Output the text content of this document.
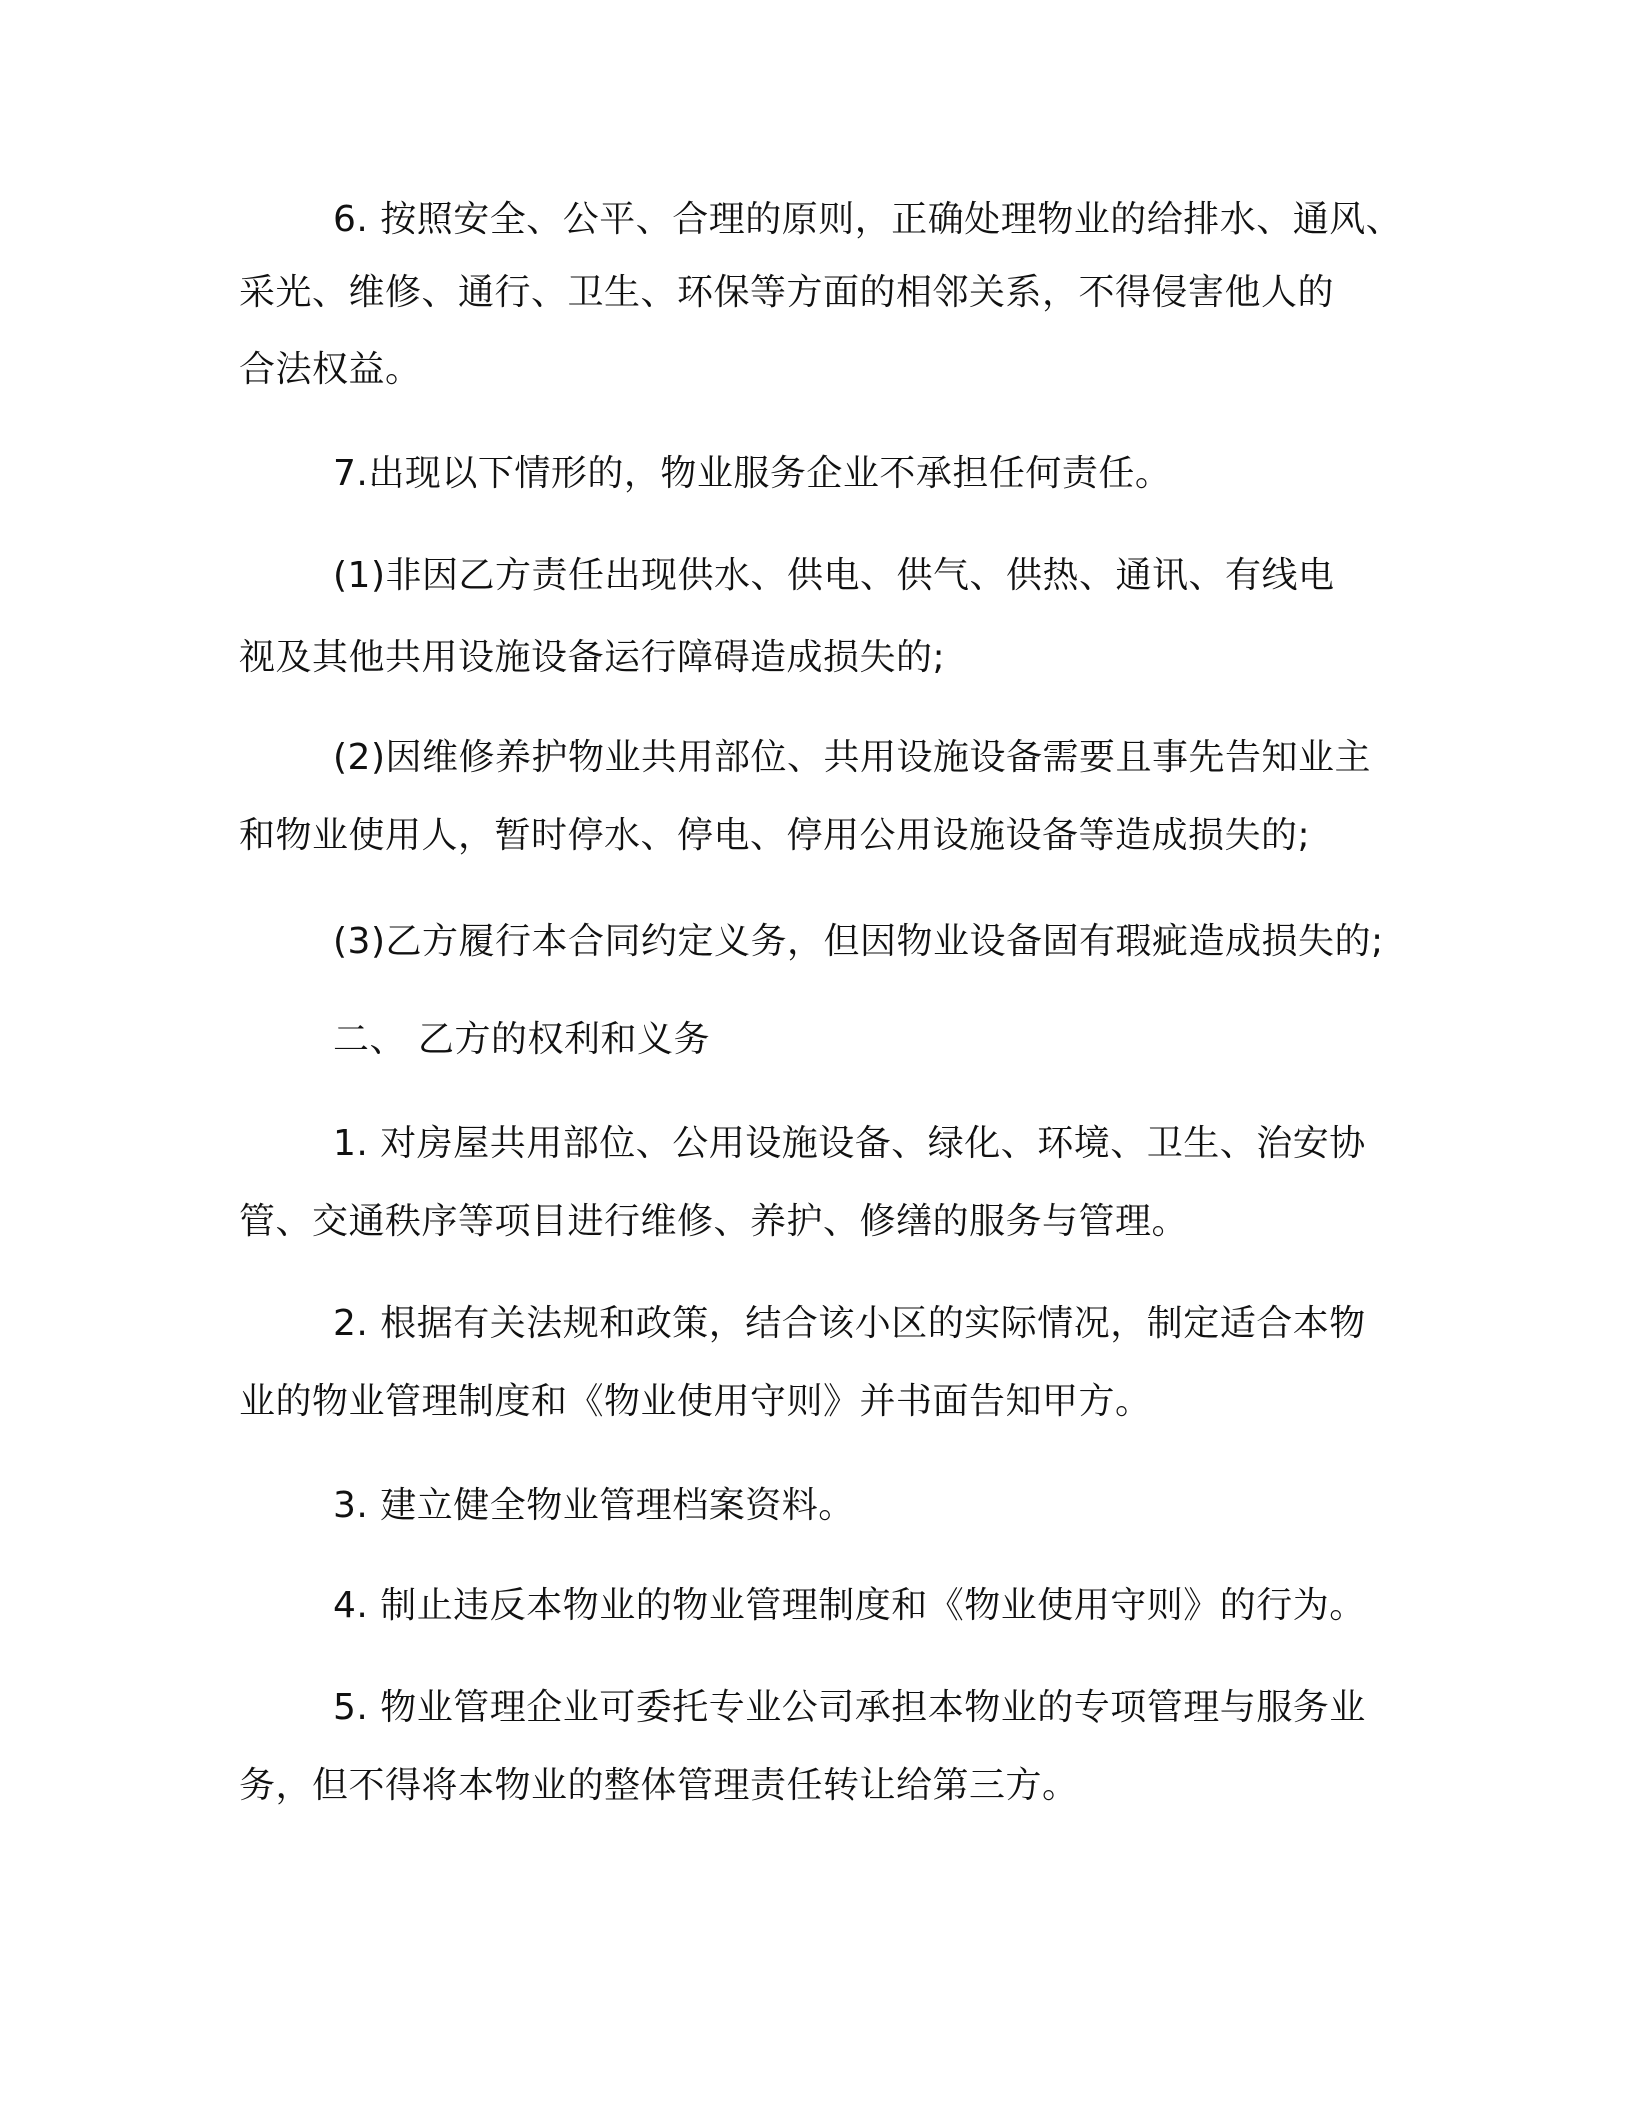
6. 按照安全、公平、合理的原则，正确处理物业的给排水、通风、
采光、维修、通行、卫生、环保等方面的相邻关系，不得侵害他人的
合法权益。
7.出现以下情形的，物业服务企业不承担任何责任。
(1)非因乙方责任出现供水、供电、供气、供热、通讯、有线电
视及其他共用设施设备运行障碍造成损失的;
(2)因维修养护物业共用部位、共用设施设备需要且事先告知业主
和物业使用人，暂时停水、停电、停用公用设施设备等造成损失的;
(3)乙方履行本合同约定义务，但因物业设备固有瑕疵造成损失的;
二、 乙方的权利和义务
1. 对房屋共用部位、公用设施设备、绿化、环境、卫生、治安协
管、交通秩序等项目进行维修、养护、修缮的服务与管理。
2. 根据有关法规和政策，结合该小区的实际情况，制定适合本物
业的物业管理制度和《物业使用守则》并书面告知甲方。
3. 建立健全物业管理档案资料。
4. 制止违反本物业的物业管理制度和《物业使用守则》的行为。
5. 物业管理企业可委托专业公司承担本物业的专项管理与服务业
务，但不得将本物业的整体管理责任转让给第三方。
